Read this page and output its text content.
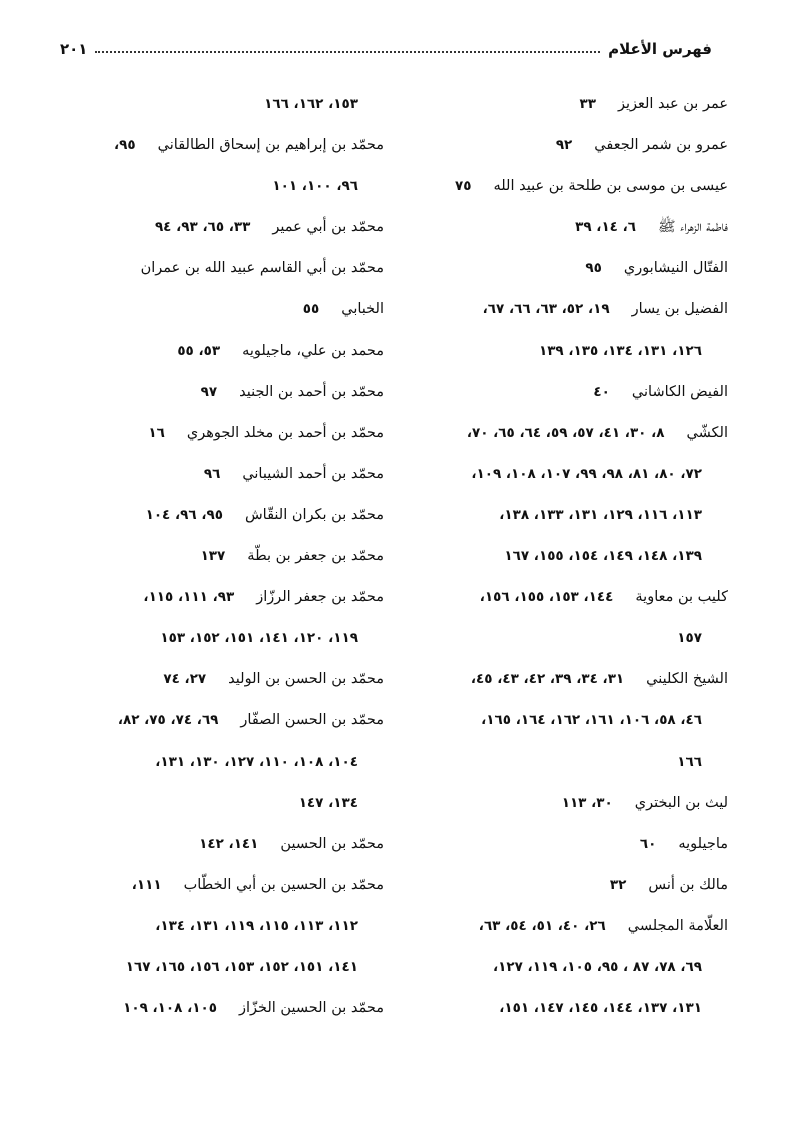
فهرس الأعلام
٢٠١
عمر بن عبد العزيز٣٣
عمرو بن شمر الجعفي٩٢
عيسى بن موسى بن طلحة بن عبيد الله٧٥
فاطمة الزهراء ﷺ٦، ١٤، ٣٩
الفتّال النيشابوري٩٥
الفضيل بن يسار١٩، ٥٢، ٦٣، ٦٦، ٦٧،
١٢٦، ١٣١، ١٣٤، ١٣٥، ١٣٩
الفيض الكاشاني٤٠
الكشّي٨، ٣٠، ٤١، ٥٧، ٥٩، ٦٤، ٦٥، ٧٠،
٧٢، ٨٠، ٨١، ٩٨، ٩٩، ١٠٧، ١٠٨، ١٠٩،
١١٣، ١١٦، ١٢٩، ١٣١، ١٣٣، ١٣٨،
١٣٩، ١٤٨، ١٤٩، ١٥٤، ١٥٥، ١٦٧
كليب بن معاوية١٤٤، ١٥٣، ١٥٥، ١٥٦،
١٥٧
الشيخ الكليني٣١، ٣٤، ٣٩، ٤٢، ٤٣، ٤٥،
٤٦، ٥٨، ١٠٦، ١٦١، ١٦٢، ١٦٤، ١٦٥،
١٦٦
ليث بن البختري٣٠، ١١٣
ماجيلويه٦٠
مالك بن أنس٣٢
العلّامة المجلسي٢٦، ٤٠، ٥١، ٥٤، ٦٣،
٦٩، ٧٨، ٨٧ ، ٩٥، ١٠٥، ١١٩، ١٢٧،
١٣١، ١٣٧، ١٤٤، ١٤٥، ١٤٧، ١٥١،
١٥٣، ١٦٢، ١٦٦
محمّد بن إبراهيم بن إسحاق الطالقاني٩٥،
٩٦، ١٠٠، ١٠١
محمّد بن أبي عمير٣٣، ٦٥، ٩٣، ٩٤
محمّد بن أبي القاسم عبيد الله بن عمران
الخبابي٥٥
محمد بن علي، ماجيلويه٥٣، ٥٥
محمّد بن أحمد بن الجنيد٩٧
محمّد بن أحمد بن مخلد الجوهري١٦
محمّد بن أحمد الشيباني٩٦
محمّد بن بكران النقّاش٩٥، ٩٦، ١٠٤
محمّد بن جعفر بن بطّة١٣٧
محمّد بن جعفر الرزّاز٩٣، ١١١، ١١٥،
١١٩، ١٢٠، ١٤١، ١٥١، ١٥٢، ١٥٣
محمّد بن الحسن بن الوليد٢٧، ٧٤
محمّد بن الحسن الصفّار٦٩، ٧٤، ٧٥، ٨٢،
١٠٤، ١٠٨، ١١٠، ١٢٧، ١٣٠، ١٣١،
١٣٤، ١٤٧
محمّد بن الحسين١٤١، ١٤٢
محمّد بن الحسين بن أبي الخطّاب١١١،
١١٢، ١١٣، ١١٥، ١١٩، ١٣١، ١٣٤،
١٤١، ١٥١، ١٥٢، ١٥٣، ١٥٦، ١٦٥، ١٦٧
محمّد بن الحسين الخزّاز١٠٥، ١٠٨، ١٠٩
